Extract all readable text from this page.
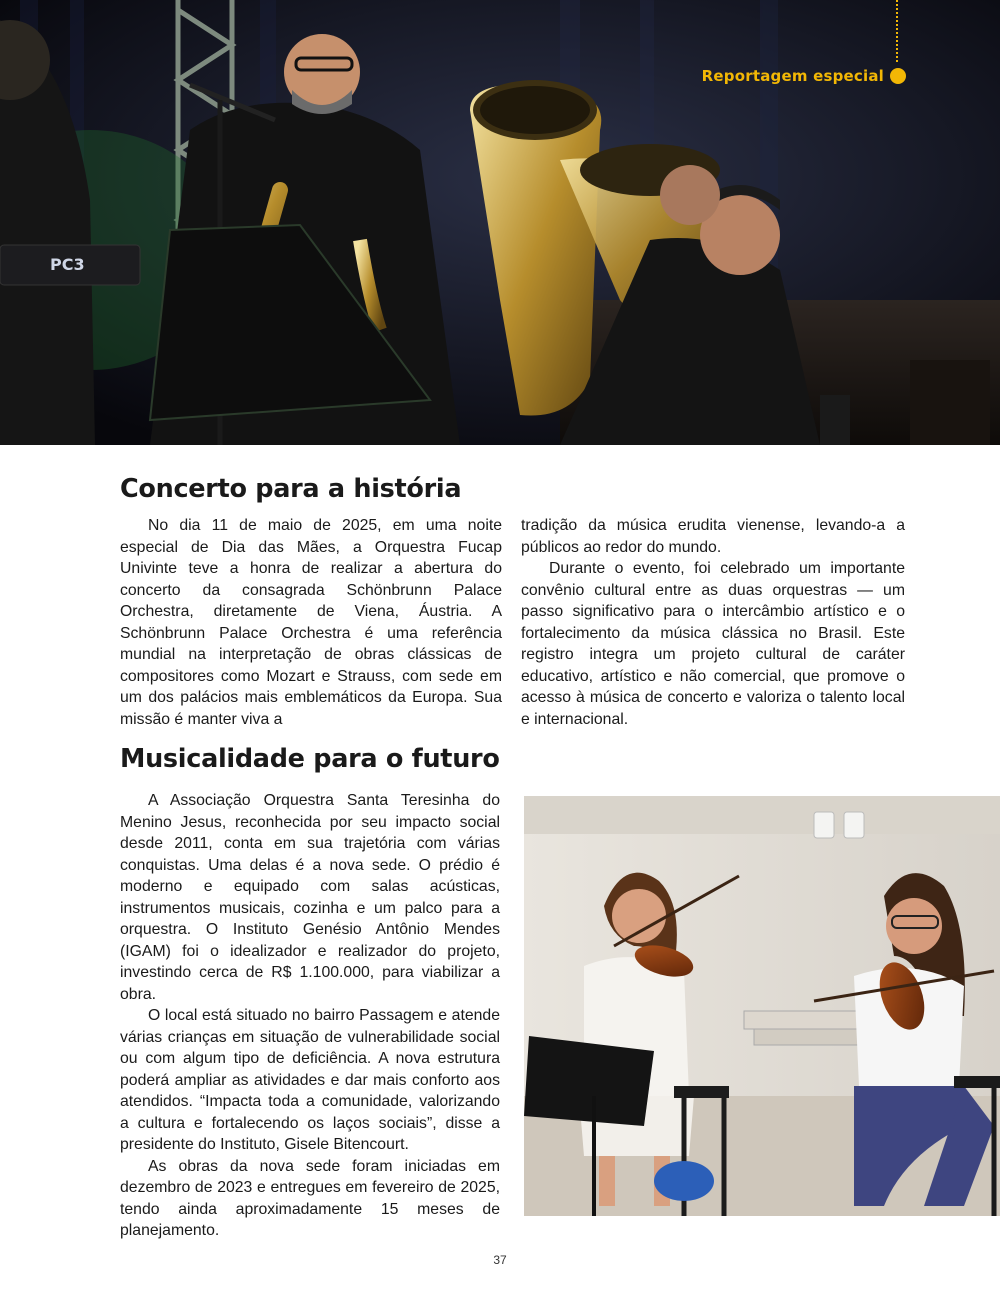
PC3
Reportagem especial
Concerto para a história

No dia 11 de maio de 2025, em uma noite especial de Dia das Mães, a Orquestra Fucap Univinte teve a honra de realizar a abertura do concerto da consagrada Schönbrunn Palace Orchestra, diretamente de Viena, Áustria. A Schönbrunn Palace Orchestra é uma referência mundial na interpretação de obras clássicas de compositores como Mozart e Strauss, com sede em um dos palácios mais emblemáticos da Europa. Sua missão é manter viva a

tradição da música erudita vienense, levando-a a públicos ao redor do mundo.

Durante o evento, foi celebrado um importante convênio cultural entre as duas orquestras — um passo significativo para o intercâmbio artístico e o fortalecimento da música clássica no Brasil. Este registro integra um projeto cultural de caráter educativo, artístico e não comercial, que promove o acesso à música de concerto e valoriza o talento local e internacional.

Musicalidade para o futuro

A Associação Orquestra Santa Teresinha do Menino Jesus, reconhecida por seu impacto social desde 2011, conta em sua trajetória com várias conquistas. Uma delas é a nova sede. O prédio é moderno e equipado com salas acústicas, instrumentos musicais, cozinha e um palco para a orquestra. O Instituto Genésio Antônio Mendes (IGAM) foi o idealizador e realizador do projeto, investindo cerca de R$ 1.100.000, para viabilizar a obra.

O local está situado no bairro Passagem e atende várias crianças em situação de vulnerabilidade social ou com algum tipo de deficiência. A nova estrutura poderá ampliar as atividades e dar mais conforto aos atendidos. “Impacta toda a comunidade, valorizando a cultura e fortalecendo os laços sociais”, disse a presidente do Instituto, Gisele Bitencourt.

As obras da nova sede foram iniciadas em dezembro de 2023 e entregues em fevereiro de 2025, tendo ainda aproximadamente 15 meses de planejamento.

37
